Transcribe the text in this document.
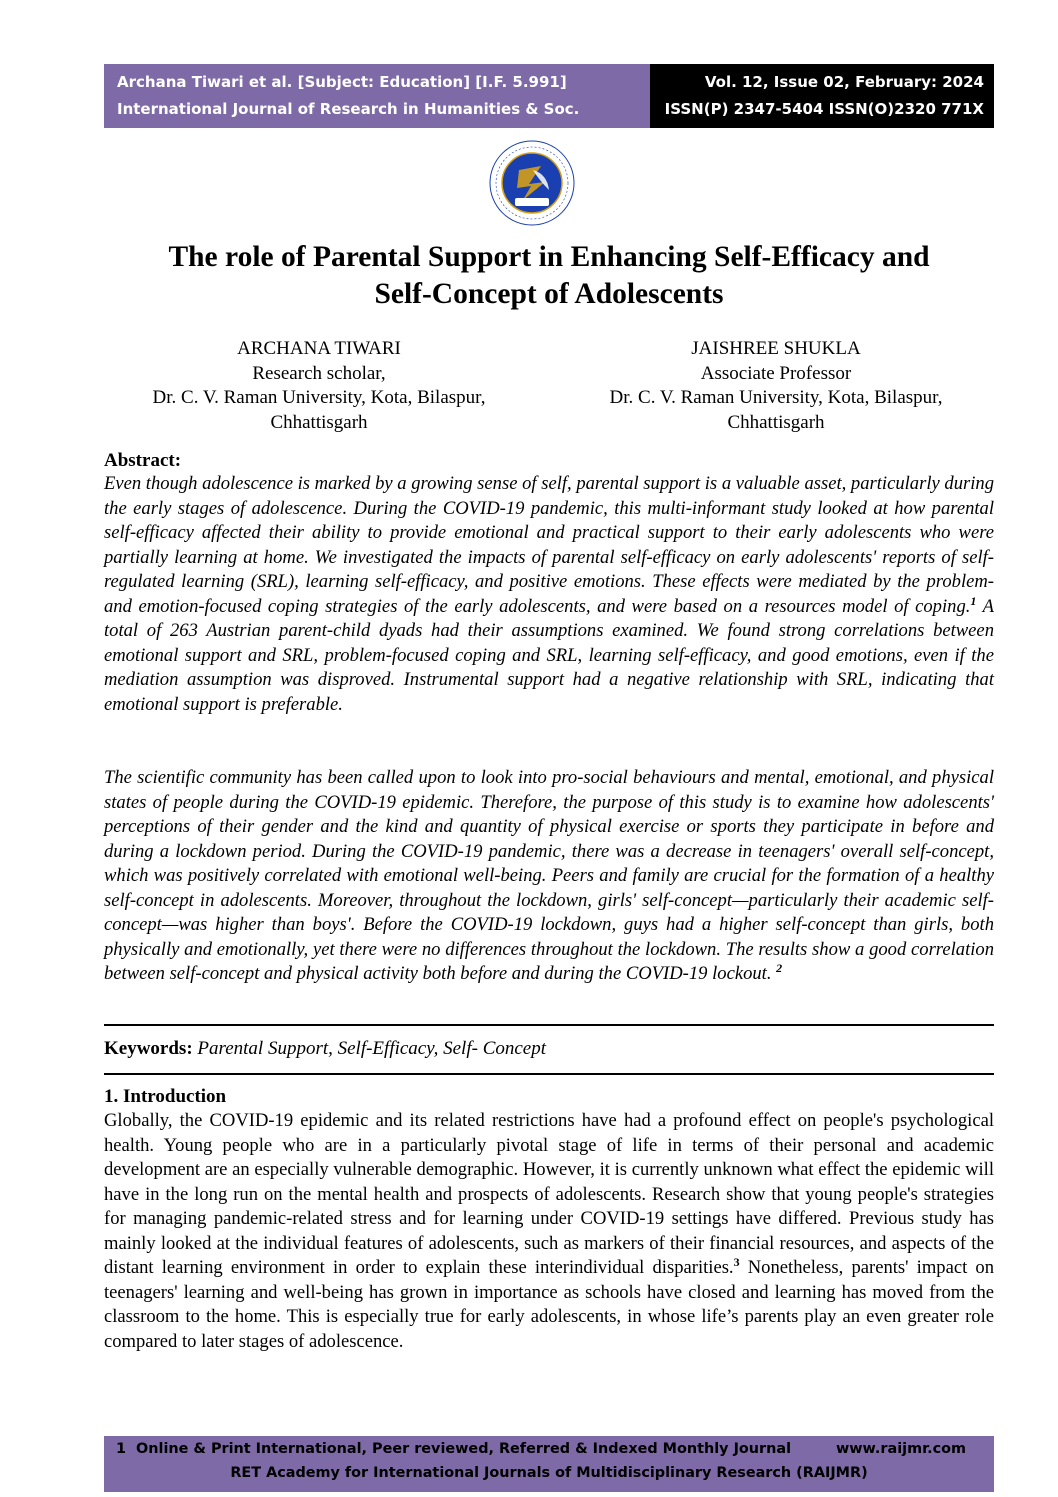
Archana Tiwari et al. [Subject: Education] [I.F. 5.991]
International Journal of Research in Humanities & Soc. Sciences
Vol. 12, Issue 02, February: 2024
ISSN(P) 2347-5404 ISSN(O)2320 771X
The role of Parental Support in Enhancing Self-Efficacy and
Self-Concept of Adolescents
ARCHANA TIWARI
Research scholar,
Dr. C. V. Raman University, Kota, Bilaspur,
Chhattisgarh
JAISHREE SHUKLA
Associate Professor
Dr. C. V. Raman University, Kota, Bilaspur,
Chhattisgarh
Abstract:

Even though adolescence is marked by a growing sense of self, parental support is a valuable asset, particularly during the early stages of adolescence. During the COVID-19 pandemic, this multi-informant study looked at how parental self-efficacy affected their ability to provide emotional and practical support to their early adolescents who were partially learning at home. We investigated the impacts of parental self-efficacy on early adolescents' reports of self-regulated learning (SRL), learning self-efficacy, and positive emotions. These effects were mediated by the problem- and emotion-focused coping strategies of the early adolescents, and were based on a resources model of coping.$^1$ A total of 263 Austrian parent-child dyads had their assumptions examined. We found strong correlations between emotional support and SRL, problem-focused coping and SRL, learning self-efficacy, and good emotions, even if the mediation assumption was disproved. Instrumental support had a negative relationship with SRL, indicating that emotional support is preferable.

The scientific community has been called upon to look into pro-social behaviours and mental, emotional, and physical states of people during the COVID-19 epidemic. Therefore, the purpose of this study is to examine how adolescents' perceptions of their gender and the kind and quantity of physical exercise or sports they participate in before and during a lockdown period. During the COVID-19 pandemic, there was a decrease in teenagers' overall self-concept, which was positively correlated with emotional well-being. Peers and family are crucial for the formation of a healthy self-concept in adolescents. Moreover, throughout the lockdown, girls' self-concept—particularly their academic self-concept—was higher than boys'. Before the COVID-19 lockdown, guys had a higher self-concept than girls, both physically and emotionally, yet there were no differences throughout the lockdown. The results show a good correlation between self-concept and physical activity both before and during the COVID-19 lockout. $^2$

Keywords: Parental Support, Self-Efficacy, Self- Concept
1. Introduction

Globally, the COVID-19 epidemic and its related restrictions have had a profound effect on people's psychological health. Young people who are in a particularly pivotal stage of life in terms of their personal and academic development are an especially vulnerable demographic. However, it is currently unknown what effect the epidemic will have in the long run on the mental health and prospects of adolescents. Research show that young people's strategies for managing pandemic-related stress and for learning under COVID-19 settings have differed. Previous study has mainly looked at the individual features of adolescents, such as markers of their financial resources, and aspects of the distant learning environment in order to explain these interindividual disparities.$^3$ Nonetheless, parents' impact on teenagers' learning and well-being has grown in importance as schools have closed and learning has moved from the classroom to the home. This is especially true for early adolescents, in whose life’s parents play an even greater role compared to later stages of adolescence.

1 Online & Print International, Peer reviewed, Referred & Indexed Monthly Journal	www.raijmr.com
RET Academy for International Journals of Multidisciplinary Research (RAIJMR)
